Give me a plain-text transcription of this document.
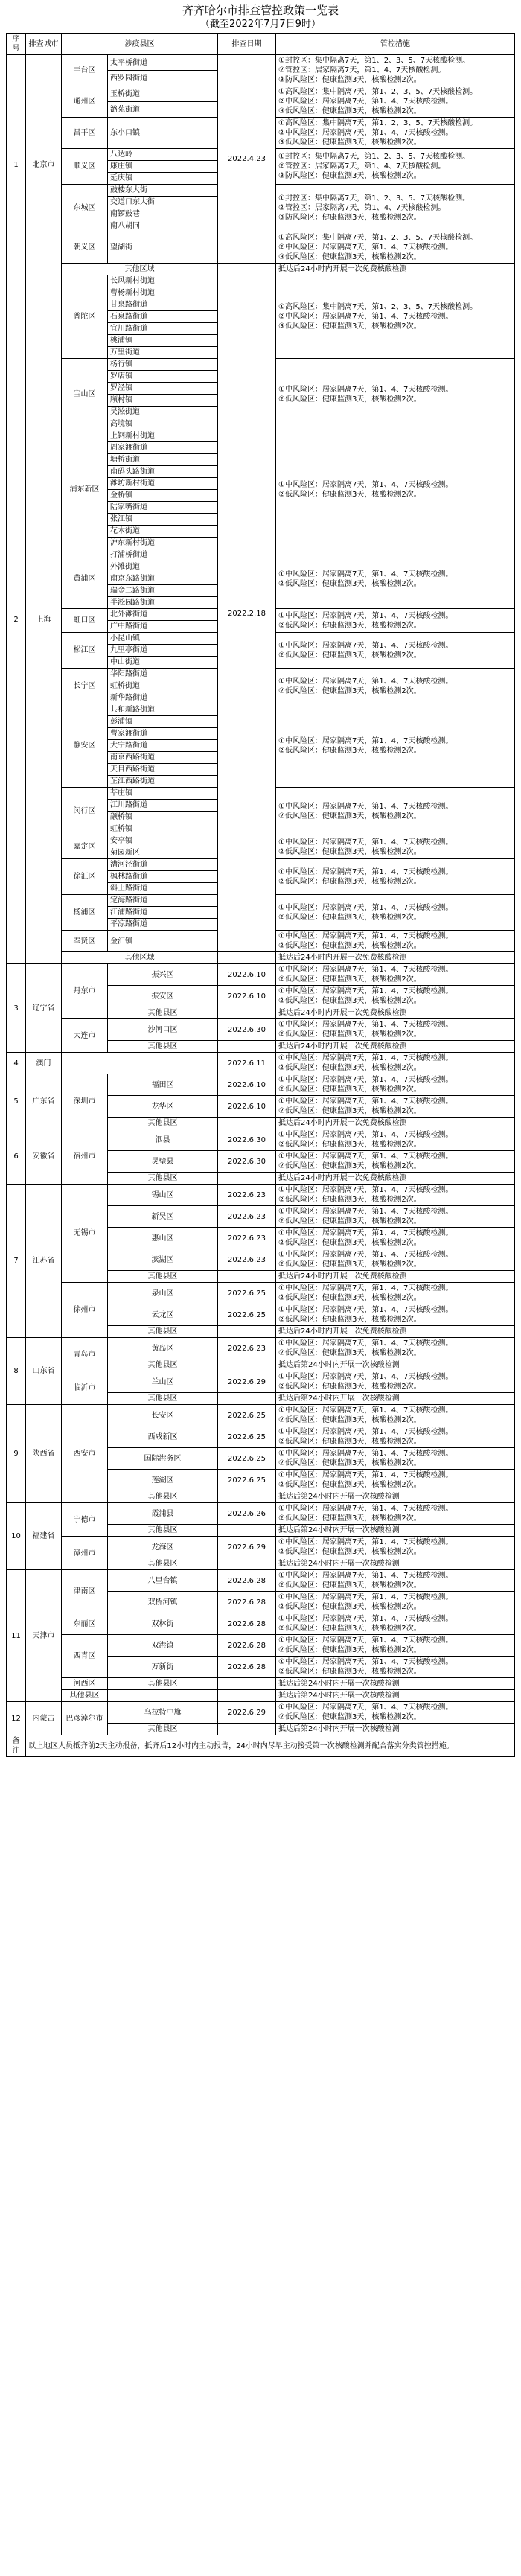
齐齐哈尔市排查管控政策一览表
（截至2022年7月7日9时）
序号	排查城市	涉疫县区		排查日期	管控措施
1	北京市	丰台区	太平桥街道	2022.4.23	①封控区：集中隔离7天，第1、2、3、5、7天核酸检测。
②管控区：居家隔离7天，第1、4、7天核酸检测。
③防风险区：健康监测3天，核酸检测2次。
			西罗园街道		
		通州区	玉桥街道		①高风险区：集中隔离7天，第1、2、3、5、7天核酸检测。
②中风险区：居家隔离7天，第1、4、7天核酸检测。
③低风险区：健康监测3天，核酸检测2次。
			潞苑街道		
		昌平区	东小口镇		①高风险区：集中隔离7天，第1、2、3、5、7天核酸检测。
②中风险区：居家隔离7天，第1、4、7天核酸检测。
③低风险区：健康监测3天，核酸检测2次。
		顺义区	八达岭		①封控区：集中隔离7天，第1、2、3、5、7天核酸检测。
②管控区：居家隔离7天，第1、4、7天核酸检测。
③防风险区：健康监测3天，核酸检测2次。
			康庄镇		
			延庆镇		
		东城区	鼓楼东大街		①封控区：集中隔离7天，第1、2、3、5、7天核酸检测。
②管控区：居家隔离7天，第1、4、7天核酸检测。
③防风险区：健康监测3天，核酸检测2次。
			交道口东大街		
			南锣鼓巷		
			南八胡同		
		朝义区	望湖街		①高风险区：集中隔离7天，第1、2、3、5、7天核酸检测。
②中风险区：居家隔离7天，第1、4、7天核酸检测。
③低风险区：健康监测3天，核酸检测2次。
		其他区域			抵达后24小时内开展一次免费核酸检测
2	上海	普陀区	长风新村街道	2022.2.18	①高风险区：集中隔离7天，第1、2、3、5、7天核酸检测。
②中风险区：居家隔离7天，第1、4、7天核酸检测。
③低风险区：健康监测3天，核酸检测2次。
			曹杨新村街道		
			甘泉路街道		
			石泉路街道		
			宜川路街道		
			桃浦镇		
			万里街道		
		宝山区	杨行镇		①中风险区：居家隔离7天，第1、4、7天核酸检测。
②低风险区：健康监测3天，核酸检测2次。
			罗店镇		
			罗泾镇		
			顾村镇		
			吴淞街道		
			高境镇		
		浦东新区	上钢新村街道		①中风险区：居家隔离7天，第1、4、7天核酸检测。
②低风险区：健康监测3天，核酸检测2次。
			周家渡街道		
			塘桥街道		
			南码头路街道		
			潍坊新村街道		
			金桥镇		
			陆家嘴街道		
			张江镇		
			花木街道		
			沪东新村街道		
		黄浦区	打浦桥街道		①中风险区：居家隔离7天，第1、4、7天核酸检测。
②低风险区：健康监测3天，核酸检测2次。
			外滩街道		
			南京东路街道		
			瑞金二路街道		
			半淞园路街道		
		虹口区	北外滩街道		①中风险区：居家隔离7天，第1、4、7天核酸检测。
②低风险区：健康监测3天，核酸检测2次。
			广中路街道		
		松江区	小昆山镇		①中风险区：居家隔离7天，第1、4、7天核酸检测。
②低风险区：健康监测3天，核酸检测2次。
			九里亭街道		
			中山街道		
		长宁区	华阳路街道		①中风险区：居家隔离7天，第1、4、7天核酸检测。
②低风险区：健康监测3天，核酸检测2次。
			虹桥街道		
			新华路街道		
		静安区	共和新路街道		①中风险区：居家隔离7天，第1、4、7天核酸检测。
②低风险区：健康监测3天，核酸检测2次。
			彭浦镇		
			曹家渡街道		
			大宁路街道		
			南京西路街道		
			天目西路街道		
			芷江西路街道		
		闵行区	莘庄镇		①中风险区：居家隔离7天，第1、4、7天核酸检测。
②低风险区：健康监测3天，核酸检测2次。
			江川路街道		
			颛桥镇		
			虹桥镇		
		嘉定区	安亭镇		①中风险区：居家隔离7天，第1、4、7天核酸检测。
②低风险区：健康监测3天，核酸检测2次。
			菊园新区		
		徐汇区	漕河泾街道		①中风险区：居家隔离7天，第1、4、7天核酸检测。
②低风险区：健康监测3天，核酸检测2次。
			枫林路街道		
			斜土路街道		
		杨浦区	定海路街道		①中风险区：居家隔离7天，第1、4、7天核酸检测。
②低风险区：健康监测3天，核酸检测2次。
			江浦路街道		
			平凉路街道		
		奉贤区	金汇镇		①中风险区：居家隔离7天，第1、4、7天核酸检测。
②低风险区：健康监测3天，核酸检测2次。
		其他区域			抵达后24小时内开展一次免费核酸检测
3	辽宁省	丹东市	振兴区	2022.6.10	①中风险区：居家隔离7天，第1、4、7天核酸检测。
②低风险区：健康监测3天，核酸检测2次。
			振安区	2022.6.10	①中风险区：居家隔离7天，第1、4、7天核酸检测。
②低风险区：健康监测3天，核酸检测2次。
			其他县区		抵达后24小时内开展一次免费核酸检测
		大连市	沙河口区	2022.6.30	①中风险区：居家隔离7天，第1、4、7天核酸检测。
②低风险区：健康监测3天，核酸检测2次。
			其他县区		抵达后24小时内开展一次免费核酸检测
4	澳门			2022.6.11	①中风险区：居家隔离7天，第1、4、7天核酸检测。
②低风险区：健康监测3天，核酸检测2次。
5	广东省	深圳市	福田区	2022.6.10	①中风险区：居家隔离7天，第1、4、7天核酸检测。
②低风险区：健康监测3天，核酸检测2次。
			龙华区	2022.6.10	①中风险区：居家隔离7天，第1、4、7天核酸检测。
②低风险区：健康监测3天，核酸检测2次。
			其他县区		抵达后24小时内开展一次免费核酸检测
6	安徽省	宿州市	泗县	2022.6.30	①中风险区：居家隔离7天，第1、4、7天核酸检测。
②低风险区：健康监测3天，核酸检测2次。
			灵璧县	2022.6.30	①中风险区：居家隔离7天，第1、4、7天核酸检测。
②低风险区：健康监测3天，核酸检测2次。
			其他县区		抵达后24小时内开展一次免费核酸检测
7	江苏省	无锡市	锡山区	2022.6.23	①中风险区：居家隔离7天，第1、4、7天核酸检测。
②低风险区：健康监测3天，核酸检测2次。
			新吴区	2022.6.23	①中风险区：居家隔离7天，第1、4、7天核酸检测。
②低风险区：健康监测3天，核酸检测2次。
			惠山区	2022.6.23	①中风险区：居家隔离7天，第1、4、7天核酸检测。
②低风险区：健康监测3天，核酸检测2次。
			滨湖区	2022.6.23	①中风险区：居家隔离7天，第1、4、7天核酸检测。
②低风险区：健康监测3天，核酸检测2次。
			其他县区		抵达后24小时内开展一次免费核酸检测
		徐州市	泉山区	2022.6.25	①中风险区：居家隔离7天，第1、4、7天核酸检测。
②低风险区：健康监测3天，核酸检测2次。
			云龙区	2022.6.25	①中风险区：居家隔离7天，第1、4、7天核酸检测。
②低风险区：健康监测3天，核酸检测2次。
			其他县区		抵达后24小时内开展一次免费核酸检测
8	山东省	青岛市	黄岛区	2022.6.23	①中风险区：居家隔离7天，第1、4、7天核酸检测。
②低风险区：健康监测3天，核酸检测2次。
			其他县区		抵达后第24小时内开展一次核酸检测
		临沂市	兰山区	2022.6.29	①中风险区：居家隔离7天，第1、4、7天核酸检测。
②低风险区：健康监测3天，核酸检测2次。
			其他县区		抵达后第24小时内开展一次核酸检测
9	陕西省	西安市	长安区	2022.6.25	①中风险区：居家隔离7天，第1、4、7天核酸检测。
②低风险区：健康监测3天，核酸检测2次。
			西咸新区	2022.6.25	①中风险区：居家隔离7天，第1、4、7天核酸检测。
②低风险区：健康监测3天，核酸检测2次。
			国际港务区	2022.6.25	①中风险区：居家隔离7天，第1、4、7天核酸检测。
②低风险区：健康监测3天，核酸检测2次。
			莲湖区	2022.6.25	①中风险区：居家隔离7天，第1、4、7天核酸检测。
②低风险区：健康监测3天，核酸检测2次。
			其他县区		抵达后第24小时内开展一次核酸检测
10	福建省	宁德市	霞浦县	2022.6.26	①中风险区：居家隔离7天，第1、4、7天核酸检测。
②低风险区：健康监测3天，核酸检测2次。
			其他县区		抵达后第24小时内开展一次核酸检测
		漳州市	龙海区	2022.6.29	①中风险区：居家隔离7天，第1、4、7天核酸检测。
②低风险区：健康监测3天，核酸检测2次。
			其他县区		抵达后第24小时内开展一次核酸检测
11	天津市	津南区	八里台镇	2022.6.28	①中风险区：居家隔离7天，第1、4、7天核酸检测。
②低风险区：健康监测3天，核酸检测2次。
			双桥河镇	2022.6.28	①中风险区：居家隔离7天，第1、4、7天核酸检测。
②低风险区：健康监测3天，核酸检测2次。
		东丽区	双林街	2022.6.28	①中风险区：居家隔离7天，第1、4、7天核酸检测。
②低风险区：健康监测3天，核酸检测2次。
		西青区	双港镇	2022.6.28	①中风险区：居家隔离7天，第1、4、7天核酸检测。
②低风险区：健康监测3天，核酸检测2次。
			万新街	2022.6.28	①中风险区：居家隔离7天，第1、4、7天核酸检测。
②低风险区：健康监测3天，核酸检测2次。
		河西区	其他县区		抵达后第24小时内开展一次核酸检测
		其他县区			抵达后第24小时内开展一次核酸检测
12	内蒙古	巴彦淖尔市	乌拉特中旗	2022.6.29	①中风险区：居家隔离7天，第1、4、7天核酸检测。
②低风险区：健康监测3天，核酸检测2次。
			其他县区		抵达后第24小时内开展一次核酸检测
备注	以上地区人员抵齐前2天主动报备，抵齐后12小时内主动报告，24小时内尽早主动接受第一次核酸检测并配合落实分类管控措施。				
